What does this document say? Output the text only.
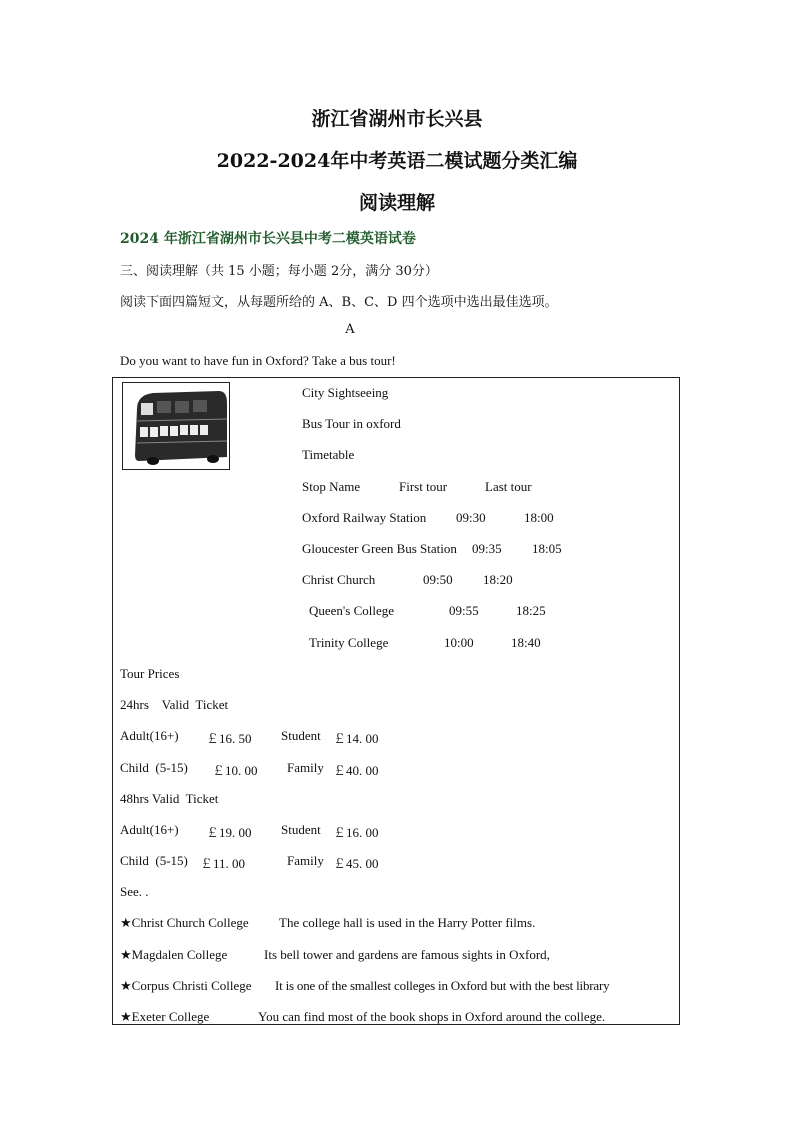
浙江省湖州市长兴县
2022-2024年中考英语二模试题分类汇编
阅读理解
2024 年浙江省湖州市长兴县中考二模英语试卷
三、阅读理解（共 15 小题；每小题 2分，满分 30分）
阅读下面四篇短文，从每题所给的 A、B、C、D 四个选项中选出最佳选项。
A
Do you want to have fun in Oxford? Take a bus tour!
City Sightseeing
Bus Tour in oxford
Timetable
Stop Name	First tour	Last tour
Oxford Railway Station 09:30	18:00
Gloucester Green Bus Station 09:35 18:05
Christ Church	09:50 18:20
Queen's College	09:55	18:25
Trinity College	10:00	18:40
Tour Prices
24hrs    Valid  Ticket
Adult(16+) ￡16. 50 Student ￡14. 00
Child  (5-15) ￡10. 00 Family ￡40. 00
48hrs Valid  Ticket
Adult(16+) ￡19. 00 Student ￡16. 00
Child  (5-15) ￡11. 00	Family ￡45. 00
See. .
★Christ Church College The college hall is used in the Harry Potter films.
★Magdalen College	Its bell tower and gardens are famous sights in Oxford,
★Corpus Christi College It is one of the smallest colleges in Oxford but with the best library
★Exeter College	You can find most of the book shops in Oxford around the college.
